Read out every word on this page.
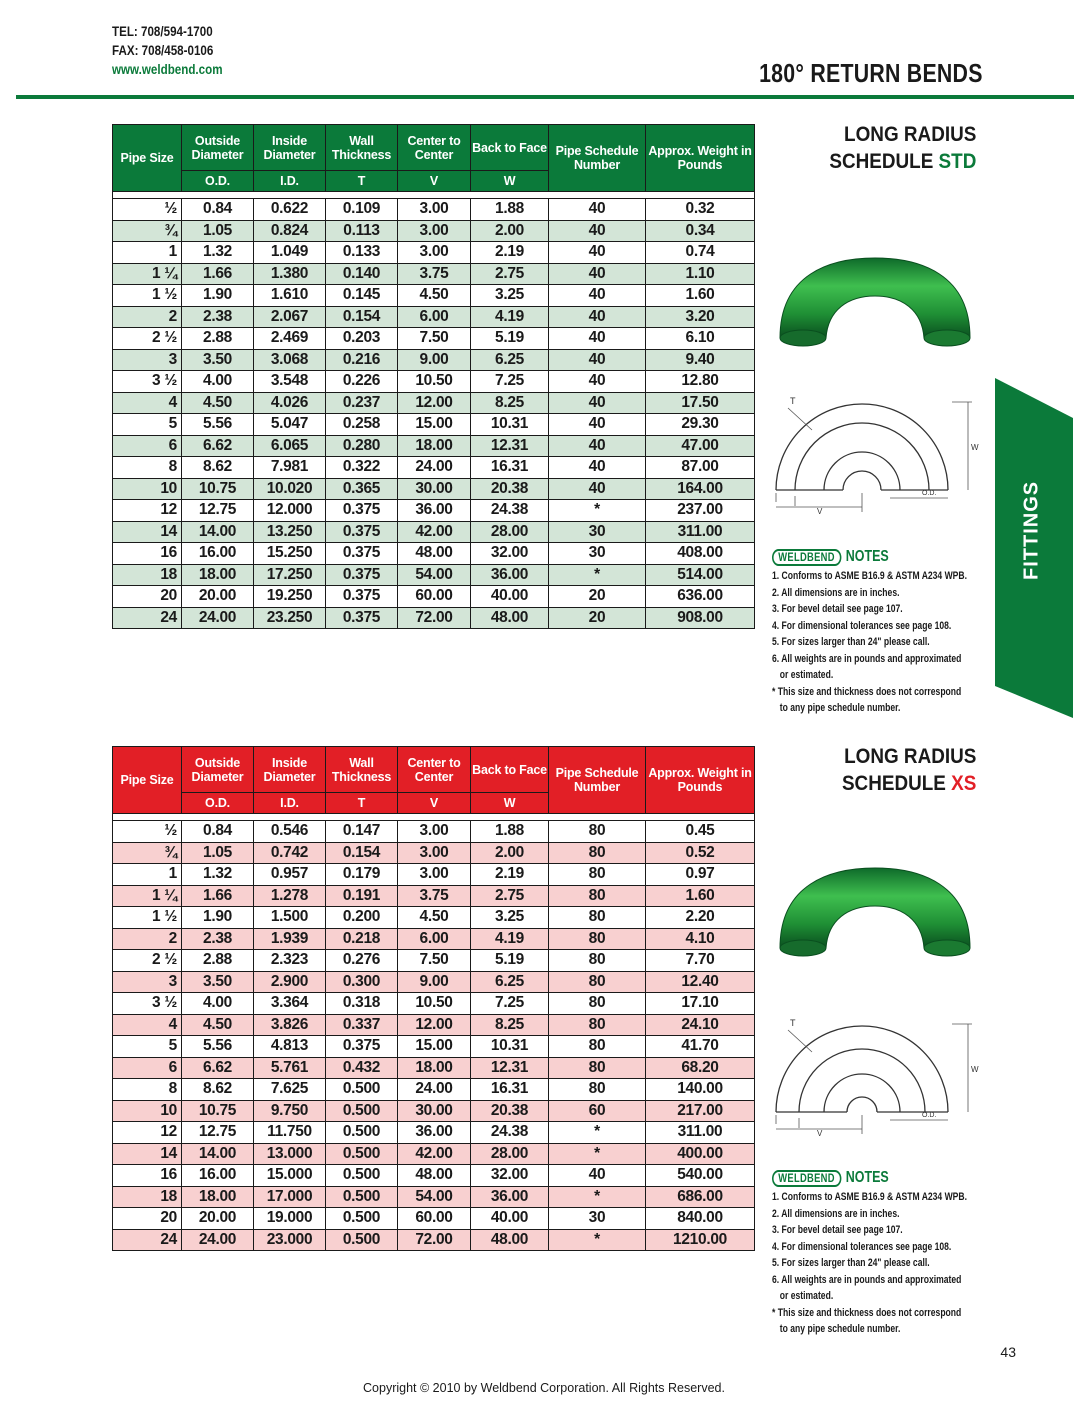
TEL: 708/594-1700
FAX: 708/458-0106
www.weldbend.com	180° RETURN BENDS
Pipe Size	Outside Diameter	Inside Diameter	Wall Thickness	Center to Center	Back to Face	Pipe Schedule Number	Approx. Weight in Pounds
	O.D.	I.D.	T	V	W		

½	0.84	0.622	0.109	3.00	1.88	40	0.32
¾	1.05	0.824	0.113	3.00	2.00	40	0.34
1	1.32	1.049	0.133	3.00	2.19	40	0.74
1 ¼	1.66	1.380	0.140	3.75	2.75	40	1.10
1 ½	1.90	1.610	0.145	4.50	3.25	40	1.60
2	2.38	2.067	0.154	6.00	4.19	40	3.20
2 ½	2.88	2.469	0.203	7.50	5.19	40	6.10
3	3.50	3.068	0.216	9.00	6.25	40	9.40
3 ½	4.00	3.548	0.226	10.50	7.25	40	12.80
4	4.50	4.026	0.237	12.00	8.25	40	17.50
5	5.56	5.047	0.258	15.00	10.31	40	29.30
6	6.62	6.065	0.280	18.00	12.31	40	47.00
8	8.62	7.981	0.322	24.00	16.31	40	87.00
10	10.75	10.020	0.365	30.00	20.38	40	164.00
12	12.75	12.000	0.375	36.00	24.38	*	237.00
14	14.00	13.250	0.375	42.00	28.00	30	311.00
16	16.00	15.250	0.375	48.00	32.00	30	408.00
18	18.00	17.250	0.375	54.00	36.00	*	514.00
20	20.00	19.250	0.375	60.00	40.00	20	636.00
24	24.00	23.250	0.375	72.00	48.00	20	908.00
LONG RADIUS
SCHEDULE STD
T
V
W
O.D.
WELDBEND NOTES
1. Conforms to ASME B16.9 & ASTM A234 WPB.
2. All dimensions are in inches.
3. For bevel detail see page 107.
4. For dimensional tolerances see page 108.
5. For sizes larger than 24" please call.
6. All weights are in pounds and approximated
or estimated.
* This size and thickness does not correspond
to any pipe schedule number.
FITTINGS
Pipe Size	Outside Diameter	Inside Diameter	Wall Thickness	Center to Center	Back to Face	Pipe Schedule Number	Approx. Weight in Pounds
	O.D.	I.D.	T	V	W		

½	0.84	0.546	0.147	3.00	1.88	80	0.45
¾	1.05	0.742	0.154	3.00	2.00	80	0.52
1	1.32	0.957	0.179	3.00	2.19	80	0.97
1 ¼	1.66	1.278	0.191	3.75	2.75	80	1.60
1 ½	1.90	1.500	0.200	4.50	3.25	80	2.20
2	2.38	1.939	0.218	6.00	4.19	80	4.10
2 ½	2.88	2.323	0.276	7.50	5.19	80	7.70
3	3.50	2.900	0.300	9.00	6.25	80	12.40
3 ½	4.00	3.364	0.318	10.50	7.25	80	17.10
4	4.50	3.826	0.337	12.00	8.25	80	24.10
5	5.56	4.813	0.375	15.00	10.31	80	41.70
6	6.62	5.761	0.432	18.00	12.31	80	68.20
8	8.62	7.625	0.500	24.00	16.31	80	140.00
10	10.75	9.750	0.500	30.00	20.38	60	217.00
12	12.75	11.750	0.500	36.00	24.38	*	311.00
14	14.00	13.000	0.500	42.00	28.00	*	400.00
16	16.00	15.000	0.500	48.00	32.00	40	540.00
18	18.00	17.000	0.500	54.00	36.00	*	686.00
20	20.00	19.000	0.500	60.00	40.00	30	840.00
24	24.00	23.000	0.500	72.00	48.00	*	1210.00
LONG RADIUS
SCHEDULE XS
T
V
W
O.D.
WELDBEND NOTES
1. Conforms to ASME B16.9 & ASTM A234 WPB.
2. All dimensions are in inches.
3. For bevel detail see page 107.
4. For dimensional tolerances see page 108.
5. For sizes larger than 24" please call.
6. All weights are in pounds and approximated
or estimated.
* This size and thickness does not correspond
to any pipe schedule number.
43
Copyright © 2010 by Weldbend Corporation. All Rights Reserved.
